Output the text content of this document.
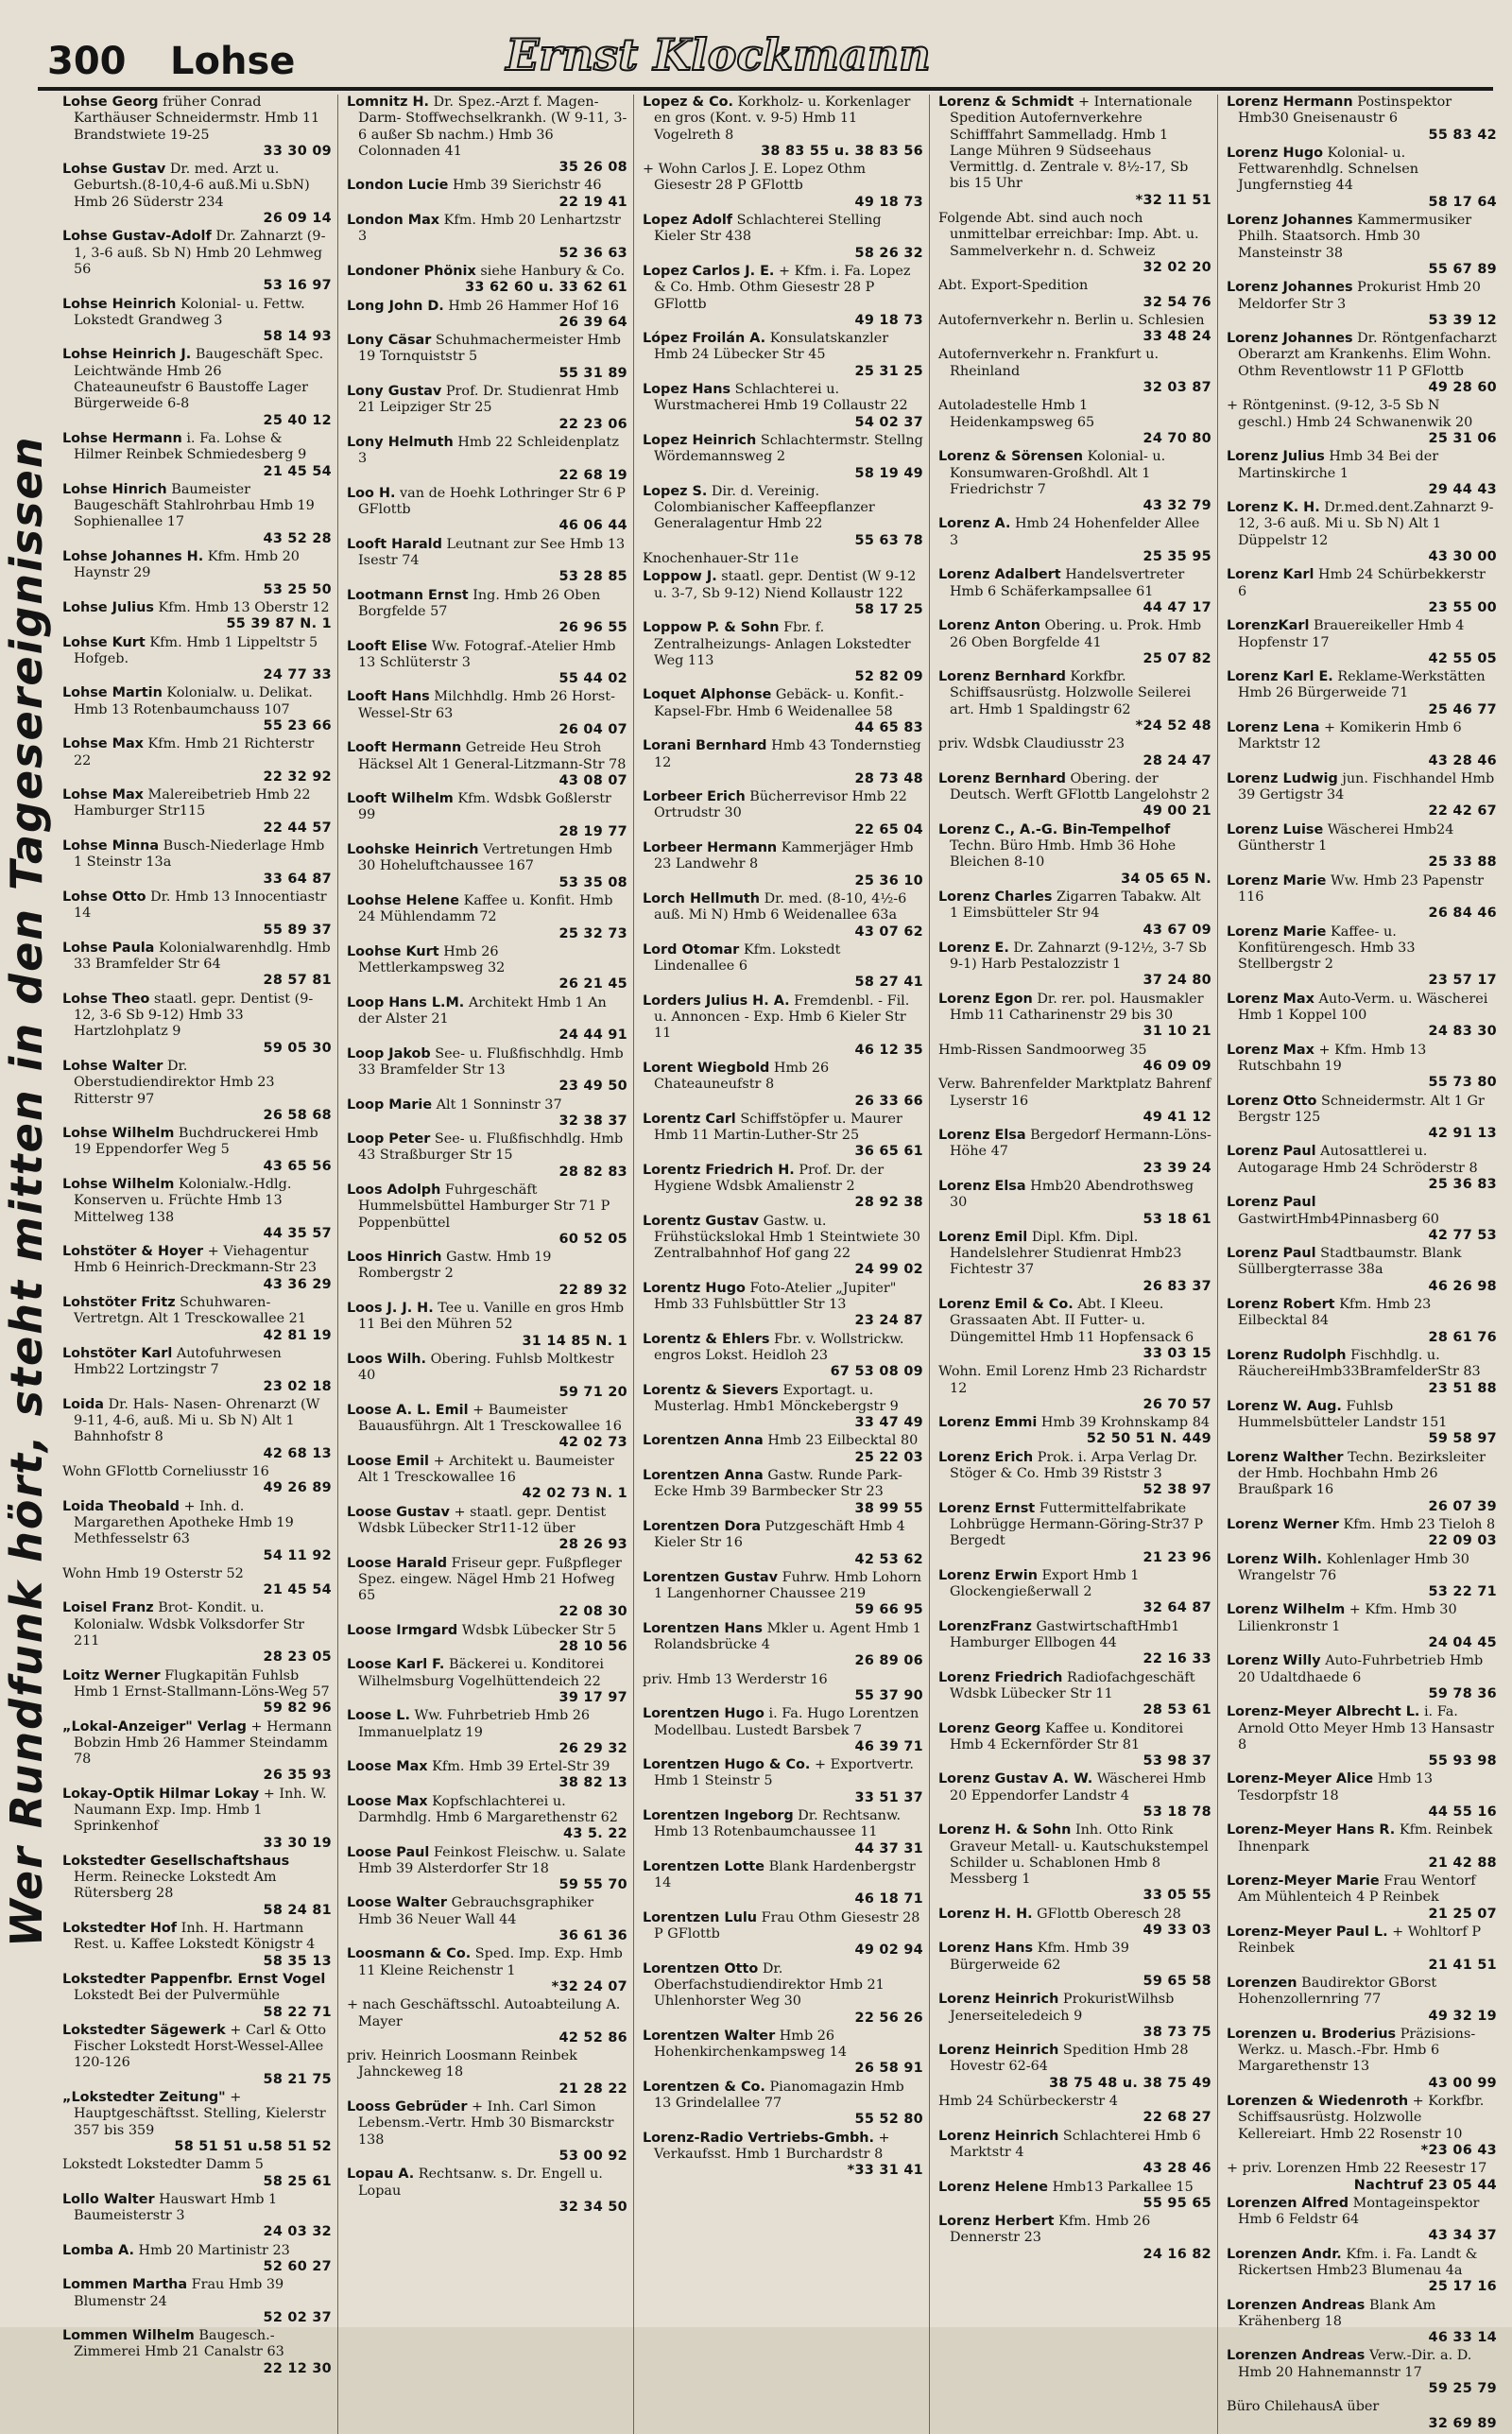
300 Lohse	Ernst Klockmann
Wer Rundfunk hört, steht mitten in den Tagesereignissen
Lohse Georg früher Conrad Karthäuser Schneidermstr. Hmb 11 Brandstwiete 19-25
33 30 09
Lohse Gustav Dr. med. Arzt u. Geburtsh.(8-10,4-6 auß.Mi u.SbN) Hmb 26 Süderstr 234
26 09 14
Lohse Gustav-Adolf Dr. Zahnarzt (9-1, 3-6 auß. Sb N) Hmb 20 Lehmweg 56
53 16 97
Lohse Heinrich Kolonial- u. Fettw. Lokstedt Grandweg 3
58 14 93
Lohse Heinrich J. Baugeschäft Spec. Leichtwände Hmb 26 Chateauneufstr 6 Baustoffe Lager Bürgerweide 6-8
25 40 12
Lohse Hermann i. Fa. Lohse & Hilmer Reinbek Schmiedesberg 9
21 45 54
Lohse Hinrich Baumeister Baugeschäft Stahlrohrbau Hmb 19 Sophienallee 17
43 52 28
Lohse Johannes H. Kfm. Hmb 20 Haynstr 29
53 25 50
Lohse Julius Kfm. Hmb 13 Oberstr 12
55 39 87 N. 1
Lohse Kurt Kfm. Hmb 1 Lippeltstr 5 Hofgeb.
24 77 33
Lohse Martin Kolonialw. u. Delikat. Hmb 13 Rotenbaumchauss 107
55 23 66
Lohse Max Kfm. Hmb 21 Richterstr 22
22 32 92
Lohse Max Malereibetrieb Hmb 22 Hamburger Str115
22 44 57
Lohse Minna Busch-Niederlage Hmb 1 Steinstr 13a
33 64 87
Lohse Otto Dr. Hmb 13 Innocentiastr 14
55 89 37
Lohse Paula Kolonialwarenhdlg. Hmb 33 Bramfelder Str 64
28 57 81
Lohse Theo staatl. gepr. Dentist (9-12, 3-6 Sb 9-12) Hmb 33 Hartzlohplatz 9
59 05 30
Lohse Walter Dr. Oberstudiendirektor Hmb 23 Ritterstr 97
26 58 68
Lohse Wilhelm Buchdruckerei Hmb 19 Eppendorfer Weg 5
43 65 56
Lohse Wilhelm Kolonialw.-Hdlg. Konserven u. Früchte Hmb 13 Mittelweg 138
44 35 57
Lohstöter & Hoyer + Viehagentur Hmb 6 Heinrich-Dreckmann-Str 23
43 36 29
Lohstöter Fritz Schuhwaren-Vertretgn. Alt 1 Tresckowallee 21
42 81 19
Lohstöter Karl Autofuhrwesen Hmb22 Lortzingstr 7
23 02 18
Loida Dr. Hals- Nasen- Ohrenarzt (W 9-11, 4-6, auß. Mi u. Sb N) Alt 1 Bahnhofstr 8
42 68 13
Wohn GFlottb Corneliusstr 16
49 26 89
Loida Theobald + Inh. d. Margarethen Apotheke Hmb 19 Methfesselstr 63
54 11 92
Wohn Hmb 19 Osterstr 52
21 45 54
Loisel Franz Brot- Kondit. u. Kolonialw. Wdsbk Volksdorfer Str 211
28 23 05
Loitz Werner Flugkapitän Fuhlsb Hmb 1 Ernst-Stallmann-Löns-Weg 57
59 82 96
„Lokal-Anzeiger" Verlag + Hermann Bobzin Hmb 26 Hammer Steindamm 78
26 35 93
Lokay-Optik Hilmar Lokay + Inh. W. Naumann Exp. Imp. Hmb 1 Sprinkenhof
33 30 19
Lokstedter Gesellschaftshaus Herm. Reinecke Lokstedt Am Rütersberg 28
58 24 81
Lokstedter Hof Inh. H. Hartmann Rest. u. Kaffee Lokstedt Königstr 4
58 35 13
Lokstedter Pappenfbr. Ernst Vogel Lokstedt Bei der Pulvermühle
58 22 71
Lokstedter Sägewerk + Carl & Otto Fischer Lokstedt Horst-Wessel-Allee 120-126
58 21 75
„Lokstedter Zeitung" + Hauptgeschäftsst. Stelling, Kielerstr 357 bis 359
58 51 51 u.58 51 52
Lokstedt Lokstedter Damm 5
58 25 61
Lollo Walter Hauswart Hmb 1 Baumeisterstr 3
24 03 32
Lomba A. Hmb 20 Martinistr 23
52 60 27
Lommen Martha Frau Hmb 39 Blumenstr 24
52 02 37
Lommen Wilhelm Baugesch.-Zimmerei Hmb 21 Canalstr 63
22 12 30
Lomnitz H. Dr. Spez.-Arzt f. Magen- Darm- Stoffwechselkrankh. (W 9-11, 3-6 außer Sb nachm.) Hmb 36 Colonnaden 41
35 26 08
London Lucie Hmb 39 Sierichstr 46
22 19 41
London Max Kfm. Hmb 20 Lenhartzstr 3
52 36 63
Londoner Phönix siehe Hanbury & Co.
33 62 60 u. 33 62 61
Long John D. Hmb 26 Hammer Hof 16
26 39 64
Lony Cäsar Schuhmachermeister Hmb 19 Tornquiststr 5
55 31 89
Lony Gustav Prof. Dr. Studienrat Hmb 21 Leipziger Str 25
22 23 06
Lony Helmuth Hmb 22 Schleidenplatz 3
22 68 19
Loo H. van de Hoehk Lothringer Str 6 P GFlottb
46 06 44
Looft Harald Leutnant zur See Hmb 13 Isestr 74
53 28 85
Lootmann Ernst Ing. Hmb 26 Oben Borgfelde 57
26 96 55
Looft Elise Ww. Fotograf.-Atelier Hmb 13 Schlüterstr 3
55 44 02
Looft Hans Milchhdlg. Hmb 26 Horst-Wessel-Str 63
26 04 07
Looft Hermann Getreide Heu Stroh Häcksel Alt 1 General-Litzmann-Str 78
43 08 07
Looft Wilhelm Kfm. Wdsbk Goßlerstr 99
28 19 77
Loohske Heinrich Vertretungen Hmb 30 Hoheluftchaussee 167
53 35 08
Loohse Helene Kaffee u. Konfit. Hmb 24 Mühlendamm 72
25 32 73
Loohse Kurt Hmb 26 Mettlerkampsweg 32
26 21 45
Loop Hans L.M. Architekt Hmb 1 An der Alster 21
24 44 91
Loop Jakob See- u. Flußfischhdlg. Hmb 33 Bramfelder Str 13
23 49 50
Loop Marie Alt 1 Sonninstr 37
32 38 37
Loop Peter See- u. Flußfischhdlg. Hmb 43 Straßburger Str 15
28 82 83
Loos Adolph Fuhrgeschäft Hummelsbüttel Hamburger Str 71 P Poppenbüttel
60 52 05
Loos Hinrich Gastw. Hmb 19 Rombergstr 2
22 89 32
Loos J. J. H. Tee u. Vanille en gros Hmb 11 Bei den Mühren 52
31 14 85 N. 1
Loos Wilh. Obering. Fuhlsb Moltkestr 40
59 71 20
Loose A. L. Emil + Baumeister Bauausführgn. Alt 1 Tresckowallee 16
42 02 73
Loose Emil + Architekt u. Baumeister Alt 1 Tresckowallee 16
42 02 73 N. 1
Loose Gustav + staatl. gepr. Dentist Wdsbk Lübecker Str11-12 über
28 26 93
Loose Harald Friseur gepr. Fußpfleger Spez. eingew. Nägel Hmb 21 Hofweg 65
22 08 30
Loose Irmgard Wdsbk Lübecker Str 5
28 10 56
Loose Karl F. Bäckerei u. Konditorei Wilhelmsburg Vogelhüttendeich 22
39 17 97
Loose L. Ww. Fuhrbetrieb Hmb 26 Immanuelplatz 19
26 29 32
Loose Max Kfm. Hmb 39 Ertel-Str 39
38 82 13
Loose Max Kopfschlachterei u. Darmhdlg. Hmb 6 Margarethenstr 62
43 5. 22
Loose Paul Feinkost Fleischw. u. Salate Hmb 39 Alsterdorfer Str 18
59 55 70
Loose Walter Gebrauchsgraphiker Hmb 36 Neuer Wall 44
36 61 36
Loosmann & Co. Sped. Imp. Exp. Hmb 11 Kleine Reichenstr 1
*32 24 07
+ nach Geschäftsschl. Autoabteilung A. Mayer
42 52 86
priv. Heinrich Loosmann Reinbek Jahnckeweg 18
21 28 22
Looss Gebrüder + Inh. Carl Simon Lebensm.-Vertr. Hmb 30 Bismarckstr 138
53 00 92
Lopau A. Rechtsanw. s. Dr. Engell u. Lopau
32 34 50
Lopez & Co. Korkholz- u. Korkenlager en gros (Kont. v. 9-5) Hmb 11 Vogelreth 8
38 83 55 u. 38 83 56
+ Wohn Carlos J. E. Lopez Othm Giesestr 28 P GFlottb
49 18 73
Lopez Adolf Schlachterei Stelling Kieler Str 438
58 26 32
Lopez Carlos J. E. + Kfm. i. Fa. Lopez & Co. Hmb. Othm Giesestr 28 P GFlottb
49 18 73
López Froilán A. Konsulatskanzler Hmb 24 Lübecker Str 45
25 31 25
Lopez Hans Schlachterei u. Wurstmacherei Hmb 19 Collaustr 22
54 02 37
Lopez Heinrich Schlachtermstr. Stellng Wördemannsweg 2
58 19 49
Lopez S. Dir. d. Vereinig. Colombianischer Kaffeepflanzer Generalagentur Hmb 22
55 63 78
Knochenhauer-Str 11e
Loppow J. staatl. gepr. Dentist (W 9-12 u. 3-7, Sb 9-12) Niend Kollaustr 122
58 17 25
Loppow P. & Sohn Fbr. f. Zentralheizungs- Anlagen Lokstedter Weg 113
52 82 09
Loquet Alphonse Gebäck- u. Konfit.-Kapsel-Fbr. Hmb 6 Weidenallee 58
44 65 83
Lorani Bernhard Hmb 43 Tondernstieg 12
28 73 48
Lorbeer Erich Bücherrevisor Hmb 22 Ortrudstr 30
22 65 04
Lorbeer Hermann Kammerjäger Hmb 23 Landwehr 8
25 36 10
Lorch Hellmuth Dr. med. (8-10, 4½-6 auß. Mi N) Hmb 6 Weidenallee 63a
43 07 62
Lord Otomar Kfm. Lokstedt Lindenallee 6
58 27 41
Lorders Julius H. A. Fremdenbl. - Fil. u. Annoncen - Exp. Hmb 6 Kieler Str 11
46 12 35
Lorent Wiegbold Hmb 26 Chateauneufstr 8
26 33 66
Lorentz Carl Schiffstöpfer u. Maurer Hmb 11 Martin-Luther-Str 25
36 65 61
Lorentz Friedrich H. Prof. Dr. der Hygiene Wdsbk Amalienstr 2
28 92 38
Lorentz Gustav Gastw. u. Frühstückslokal Hmb 1 Steintwiete 30 Zentralbahnhof Hof gang 22
24 99 02
Lorentz Hugo Foto-Atelier „Jupiter" Hmb 33 Fuhlsbüttler Str 13
23 24 87
Lorentz & Ehlers Fbr. v. Wollstrickw. engros Lokst. Heidloh 23
67 53 08 09
Lorentz & Sievers Exportagt. u. Musterlag. Hmb1 Mönckebergstr 9
33 47 49
Lorentzen Anna Hmb 23 Eilbecktal 80
25 22 03
Lorentzen Anna Gastw. Runde Park-Ecke Hmb 39 Barmbecker Str 23
38 99 55
Lorentzen Dora Putzgeschäft Hmb 4 Kieler Str 16
42 53 62
Lorentzen Gustav Fuhrw. Hmb Lohorn 1 Langenhorner Chaussee 219
59 66 95
Lorentzen Hans Mkler u. Agent Hmb 1 Rolandsbrücke 4
26 89 06
priv. Hmb 13 Werderstr 16
55 37 90
Lorentzen Hugo i. Fa. Hugo Lorentzen Modellbau. Lustedt Barsbek 7
46 39 71
Lorentzen Hugo & Co. + Exportvertr. Hmb 1 Steinstr 5
33 51 37
Lorentzen Ingeborg Dr. Rechtsanw. Hmb 13 Rotenbaumchaussee 11
44 37 31
Lorentzen Lotte Blank Hardenbergstr 14
46 18 71
Lorentzen Lulu Frau Othm Giesestr 28 P GFlottb
49 02 94
Lorentzen Otto Dr. Oberfachstudiendirektor Hmb 21 Uhlenhorster Weg 30
22 56 26
Lorentzen Walter Hmb 26 Hohenkirchenkampsweg 14
26 58 91
Lorentzen & Co. Pianomagazin Hmb 13 Grindelallee 77
55 52 80
Lorenz-Radio Vertriebs-Gmbh. + Verkaufsst. Hmb 1 Burchardstr 8
*33 31 41
Lorenz & Schmidt + Internationale Spedition Autofernverkehre Schifffahrt Sammelladg. Hmb 1 Lange Mühren 9 Südseehaus Vermittlg. d. Zentrale v. 8½-17, Sb bis 15 Uhr
*32 11 51
Folgende Abt. sind auch noch unmittelbar erreichbar: Imp. Abt. u. Sammelverkehr n. d. Schweiz
32 02 20
Abt. Export-Spedition
32 54 76
Autofernverkehr n. Berlin u. Schlesien
33 48 24
Autofernverkehr n. Frankfurt u. Rheinland
32 03 87
Autoladestelle Hmb 1 Heidenkampsweg 65
24 70 80
Lorenz & Sörensen Kolonial- u. Konsumwaren-Großhdl. Alt 1 Friedrichstr 7
43 32 79
Lorenz A. Hmb 24 Hohenfelder Allee 3
25 35 95
Lorenz Adalbert Handelsvertreter Hmb 6 Schäferkampsallee 61
44 47 17
Lorenz Anton Obering. u. Prok. Hmb 26 Oben Borgfelde 41
25 07 82
Lorenz Bernhard Korkfbr. Schiffsausrüstg. Holzwolle Seilerei art. Hmb 1 Spaldingstr 62
*24 52 48
priv. Wdsbk Claudiusstr 23
28 24 47
Lorenz Bernhard Obering. der Deutsch. Werft GFlottb Langelohstr 2
49 00 21
Lorenz C., A.-G. Bin-Tempelhof Techn. Büro Hmb. Hmb 36 Hohe Bleichen 8-10
34 05 65 N.
Lorenz Charles Zigarren Tabakw. Alt 1 Eimsbütteler Str 94
43 67 09
Lorenz E. Dr. Zahnarzt (9-12½, 3-7 Sb 9-1) Harb Pestalozzistr 1
37 24 80
Lorenz Egon Dr. rer. pol. Hausmakler Hmb 11 Catharinenstr 29 bis 30
31 10 21
Hmb-Rissen Sandmoorweg 35
46 09 09
Verw. Bahrenfelder Marktplatz Bahrenf Lyserstr 16
49 41 12
Lorenz Elsa Bergedorf Hermann-Löns-Höhe 47
23 39 24
Lorenz Elsa Hmb20 Abendrothsweg 30
53 18 61
Lorenz Emil Dipl. Kfm. Dipl. Handelslehrer Studienrat Hmb23 Fichtestr 37
26 83 37
Lorenz Emil & Co. Abt. I Kleeu. Grassaaten Abt. II Futter- u. Düngemittel Hmb 11 Hopfensack 6
33 03 15
Wohn. Emil Lorenz Hmb 23 Richardstr 12
26 70 57
Lorenz Emmi Hmb 39 Krohnskamp 84
52 50 51 N. 449
Lorenz Erich Prok. i. Arpa Verlag Dr. Stöger & Co. Hmb 39 Riststr 3
52 38 97
Lorenz Ernst Futtermittelfabrikate Lohbrügge Hermann-Göring-Str37 P Bergedt
21 23 96
Lorenz Erwin Export Hmb 1 Glockengießerwall 2
32 64 87
LorenzFranz GastwirtschaftHmb1 Hamburger Ellbogen 44
22 16 33
Lorenz Friedrich Radiofachgeschäft Wdsbk Lübecker Str 11
28 53 61
Lorenz Georg Kaffee u. Konditorei Hmb 4 Eckernförder Str 81
53 98 37
Lorenz Gustav A. W. Wäscherei Hmb 20 Eppendorfer Landstr 4
53 18 78
Lorenz H. & Sohn Inh. Otto Rink Graveur Metall- u. Kautschukstempel Schilder u. Schablonen Hmb 8 Messberg 1
33 05 55
Lorenz H. H. GFlottb Oberesch 28
49 33 03
Lorenz Hans Kfm. Hmb 39 Bürgerweide 62
59 65 58
Lorenz Heinrich ProkuristWilhsb Jenerseiteledeich 9
38 73 75
Lorenz Heinrich Spedition Hmb 28 Hovestr 62-64
38 75 48 u. 38 75 49
Hmb 24 Schürbeckerstr 4
22 68 27
Lorenz Heinrich Schlachterei Hmb 6 Marktstr 4
43 28 46
Lorenz Helene Hmb13 Parkallee 15
55 95 65
Lorenz Herbert Kfm. Hmb 26 Dennerstr 23
24 16 82
Lorenz Hermann Postinspektor Hmb30 Gneisenaustr 6
55 83 42
Lorenz Hugo Kolonial- u. Fettwarenhdlg. Schnelsen Jungfernstieg 44
58 17 64
Lorenz Johannes Kammermusiker Philh. Staatsorch. Hmb 30 Mansteinstr 38
55 67 89
Lorenz Johannes Prokurist Hmb 20 Meldorfer Str 3
53 39 12
Lorenz Johannes Dr. Röntgenfacharzt Oberarzt am Krankenhs. Elim Wohn. Othm Reventlowstr 11 P GFlottb
49 28 60
+ Röntgeninst. (9-12, 3-5 Sb N geschl.) Hmb 24 Schwanenwik 20
25 31 06
Lorenz Julius Hmb 34 Bei der Martinskirche 1
29 44 43
Lorenz K. H. Dr.med.dent.Zahnarzt 9-12, 3-6 auß. Mi u. Sb N) Alt 1 Düppelstr 12
43 30 00
Lorenz Karl Hmb 24 Schürbekkerstr 6
23 55 00
LorenzKarl Brauereikeller Hmb 4 Hopfenstr 17
42 55 05
Lorenz Karl E. Reklame-Werkstätten Hmb 26 Bürgerweide 71
25 46 77
Lorenz Lena + Komikerin Hmb 6 Marktstr 12
43 28 46
Lorenz Ludwig jun. Fischhandel Hmb 39 Gertigstr 34
22 42 67
Lorenz Luise Wäscherei Hmb24 Güntherstr 1
25 33 88
Lorenz Marie Ww. Hmb 23 Papenstr 116
26 84 46
Lorenz Marie Kaffee- u. Konfitürengesch. Hmb 33 Stellbergstr 2
23 57 17
Lorenz Max Auto-Verm. u. Wäscherei Hmb 1 Koppel 100
24 83 30
Lorenz Max + Kfm. Hmb 13 Rutschbahn 19
55 73 80
Lorenz Otto Schneidermstr. Alt 1 Gr Bergstr 125
42 91 13
Lorenz Paul Autosattlerei u. Autogarage Hmb 24 Schröderstr 8
25 36 83
Lorenz Paul GastwirtHmb4Pinnasberg 60
42 77 53
Lorenz Paul Stadtbaumstr. Blank Süllbergterrasse 38a
46 26 98
Lorenz Robert Kfm. Hmb 23 Eilbecktal 84
28 61 76
Lorenz Rudolph Fischhdlg. u. RäuchereiHmb33BramfelderStr 83
23 51 88
Lorenz W. Aug. Fuhlsb Hummelsbütteler Landstr 151
59 58 97
Lorenz Walther Techn. Bezirksleiter der Hmb. Hochbahn Hmb 26 Braußpark 16
26 07 39
Lorenz Werner Kfm. Hmb 23 Tieloh 8
22 09 03
Lorenz Wilh. Kohlenlager Hmb 30 Wrangelstr 76
53 22 71
Lorenz Wilhelm + Kfm. Hmb 30 Lilienkronstr 1
24 04 45
Lorenz Willy Auto-Fuhrbetrieb Hmb 20 Udaltdhaede 6
59 78 36
Lorenz-Meyer Albrecht L. i. Fa. Arnold Otto Meyer Hmb 13 Hansastr 8
55 93 98
Lorenz-Meyer Alice Hmb 13 Tesdorpfstr 18
44 55 16
Lorenz-Meyer Hans R. Kfm. Reinbek Ihnenpark
21 42 88
Lorenz-Meyer Marie Frau Wentorf Am Mühlenteich 4 P Reinbek
21 25 07
Lorenz-Meyer Paul L. + Wohltorf P Reinbek
21 41 51
Lorenzen Baudirektor GBorst Hohenzollernring 77
49 32 19
Lorenzen u. Broderius Präzisions-Werkz. u. Masch.-Fbr. Hmb 6 Margarethenstr 13
43 00 99
Lorenzen & Wiedenroth + Korkfbr. Schiffsausrüstg. Holzwolle Kellereiart. Hmb 22 Rosenstr 10
*23 06 43
+ priv. Lorenzen Hmb 22 Reesestr 17
Nachtruf 23 05 44
Lorenzen Alfred Montageinspektor Hmb 6 Feldstr 64
43 34 37
Lorenzen Andr. Kfm. i. Fa. Landt & Rickertsen Hmb23 Blumenau 4a
25 17 16
Lorenzen Andreas Blank Am Krähenberg 18
46 33 14
Lorenzen Andreas Verw.-Dir. a. D. Hmb 20 Hahnemannstr 17
59 25 79
Büro ChilehausA über
32 69 89
